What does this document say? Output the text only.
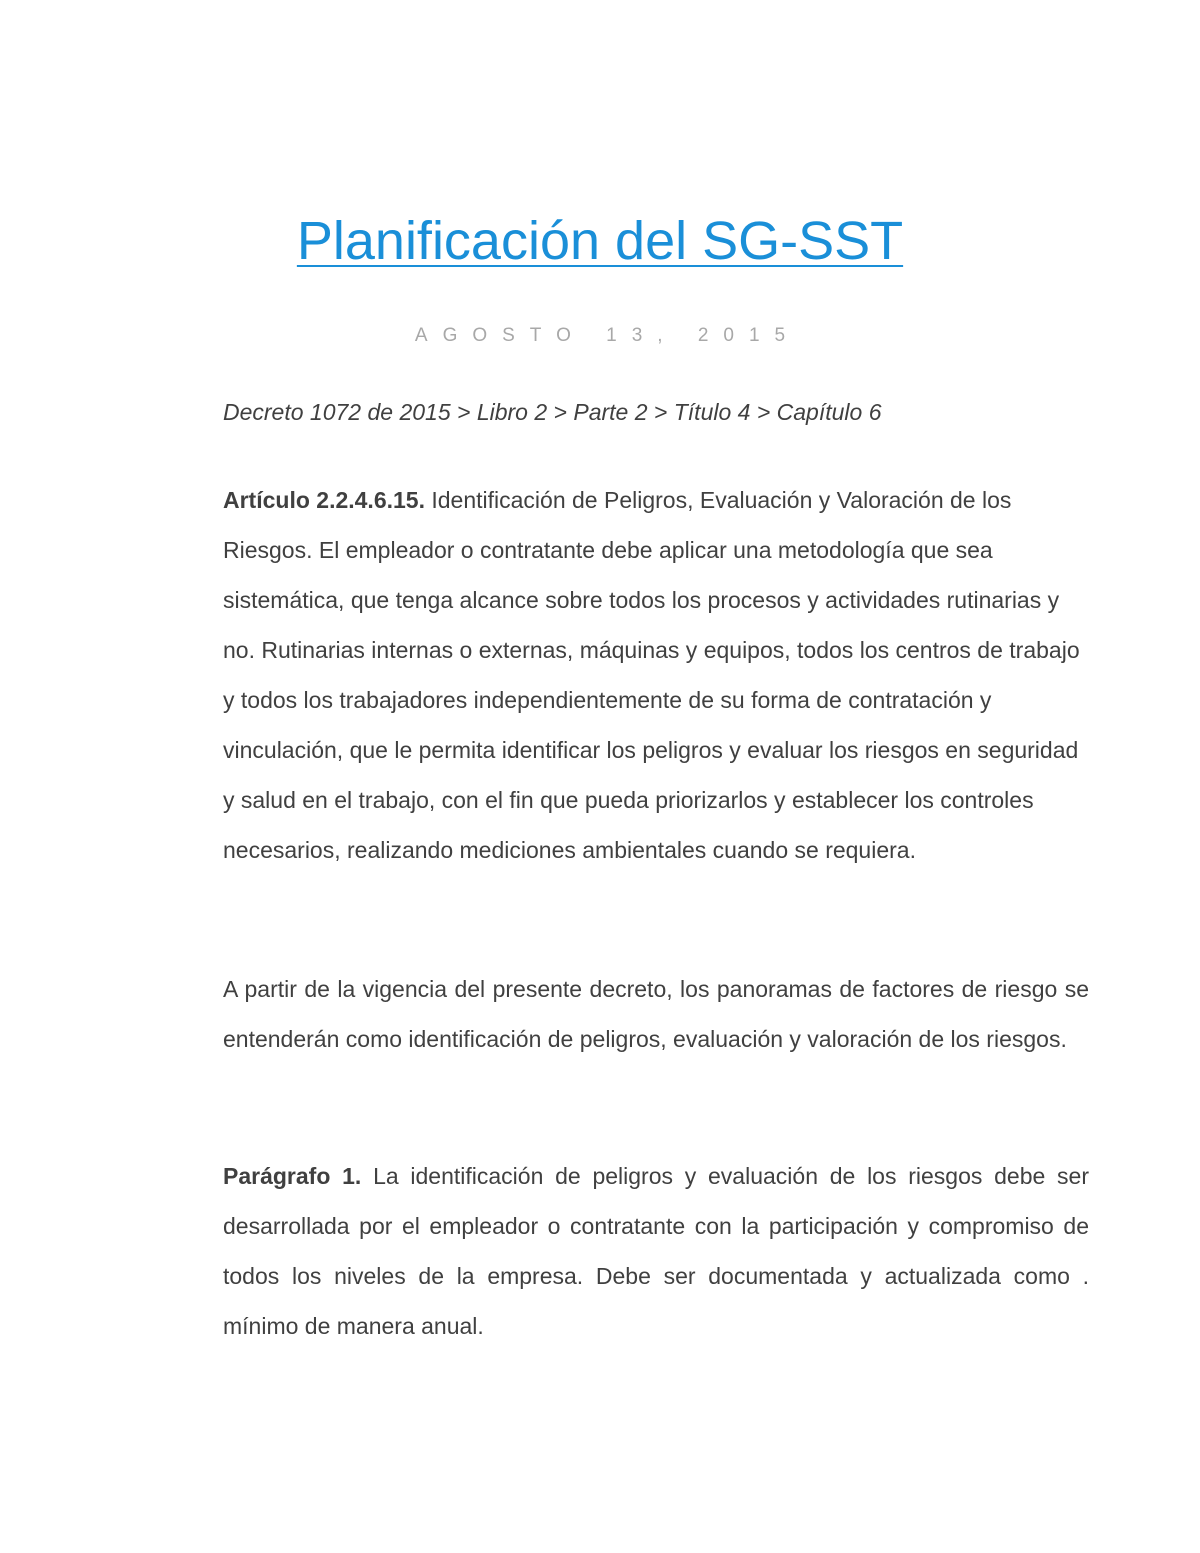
Planificación del SG-SST
AGOSTO 13, 2015
Decreto 1072 de 2015 > Libro 2 > Parte 2 > Título 4 > Capítulo 6

Artículo 2.2.4.6.15. Identificación de Peligros, Evaluación y Valoración de los Riesgos. El empleador o contratante debe aplicar una metodología que sea sistemática, que tenga alcance sobre todos los procesos y actividades rutinarias y no. Rutinarias internas o externas, máquinas y equipos, todos los centros de trabajo y todos los trabajadores independientemente de su forma de contratación y vinculación, que le permita identificar los peligros y evaluar los riesgos en seguridad y salud en el trabajo, con el fin que pueda priorizarlos y establecer los controles necesarios, realizando mediciones ambientales cuando se requiera.

A partir de la vigencia del presente decreto, los panoramas de factores de riesgo se entenderán como identificación de peligros, evaluación y valoración de los riesgos.

Parágrafo 1. La identificación de peligros y evaluación de los riesgos debe ser desarrollada por el empleador o contratante con la participación y compromiso de todos los niveles de la empresa. Debe ser documentada y actualizada como . mínimo de manera anual.
